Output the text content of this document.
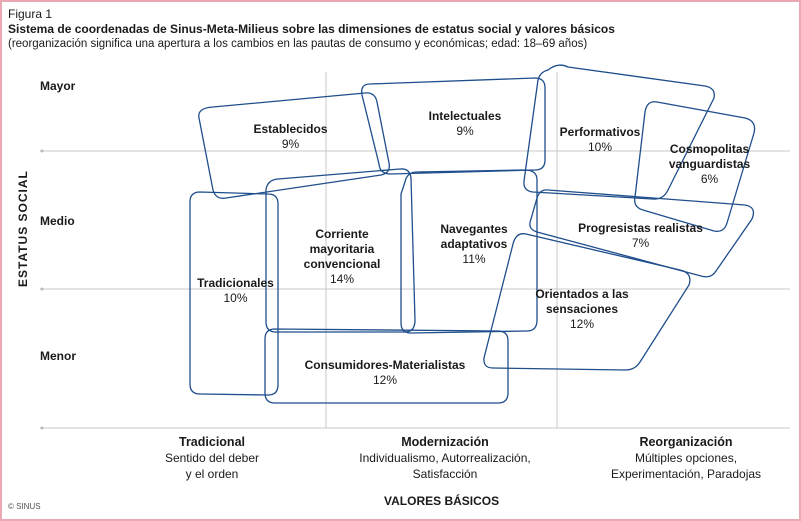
Figura 1
Sistema de coordenadas de Sinus-Meta-Milieus sobre las dimensiones de estatus social y valores básicos
(reorganización significa una apertura a los cambios en las pautas de consumo y económicas; edad: 18–69 años)
ESTATUS SOCIAL
Mayor
Medio
Menor
Establecidos
9%
Intelectuales
9%	Performativos
10%	Cosmopolitas
vanguardistas
6%
Corriente
mayoritaria
convencional
14%
Navegantes
adaptativos
11%
Progresistas realistas
7%
Tradicionales
10%	Orientados a las
sensaciones
12%
Consumidores-Materialistas
12%
Tradicional
Sentido del deber
y el orden
Modernización
Individualismo, Autorrealización,
Satisfacción
Reorganización
Múltiples opciones,
Experimentación, Paradojas
VALORES BÁSICOS
© SINUS
